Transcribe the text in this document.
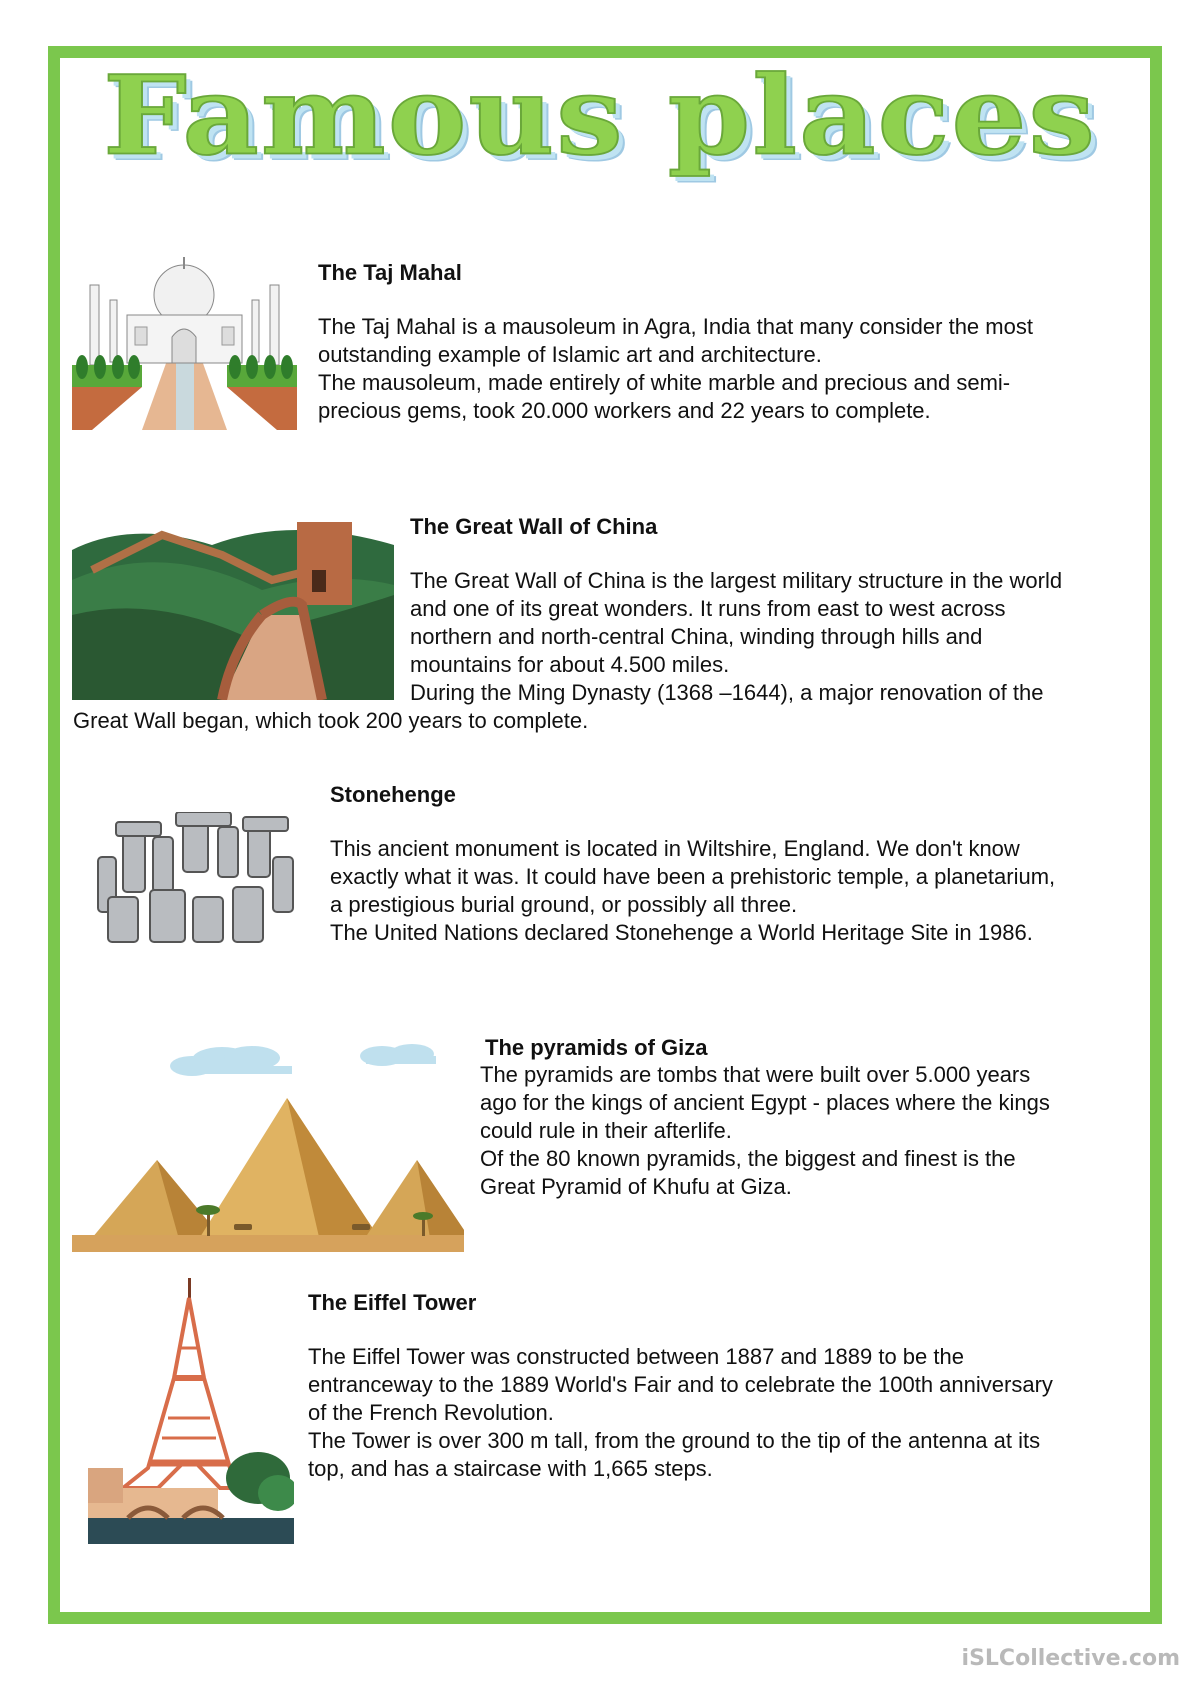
Famous places
The Taj Mahal
The Taj Mahal is a mausoleum in Agra, India that many consider the most
outstanding example of Islamic art and architecture.
The mausoleum, made entirely of white marble and precious and semi-
precious gems, took 20.000 workers and 22 years to complete.
The Great Wall of China
The Great Wall of China is the largest military structure in the world
and one of its great wonders. It runs from east to west across
northern and north-central China, winding through hills and
mountains for about 4.500 miles.
During the Ming Dynasty (1368 –1644), a major renovation of the
Great Wall began, which took 200 years to complete.
Stonehenge
This ancient monument is located in Wiltshire, England. We don't know
exactly what it was. It could have been a prehistoric temple, a planetarium,
a prestigious burial ground, or possibly all three.
The United Nations declared Stonehenge a World Heritage Site in 1986.
The pyramids of Giza
The pyramids are tombs that were built over 5.000 years
ago for the kings of ancient Egypt - places where the kings
could rule in their afterlife.
Of the 80 known pyramids, the biggest and finest is the
Great Pyramid of Khufu at Giza.
The Eiffel Tower
The Eiffel Tower was constructed between 1887 and 1889 to be the
entranceway to the 1889 World's Fair and to celebrate the 100th anniversary
of the French Revolution.
The Tower is over 300 m tall, from the ground to the tip of the antenna at its
top, and has a staircase with 1,665 steps.
iSLCollective.com
